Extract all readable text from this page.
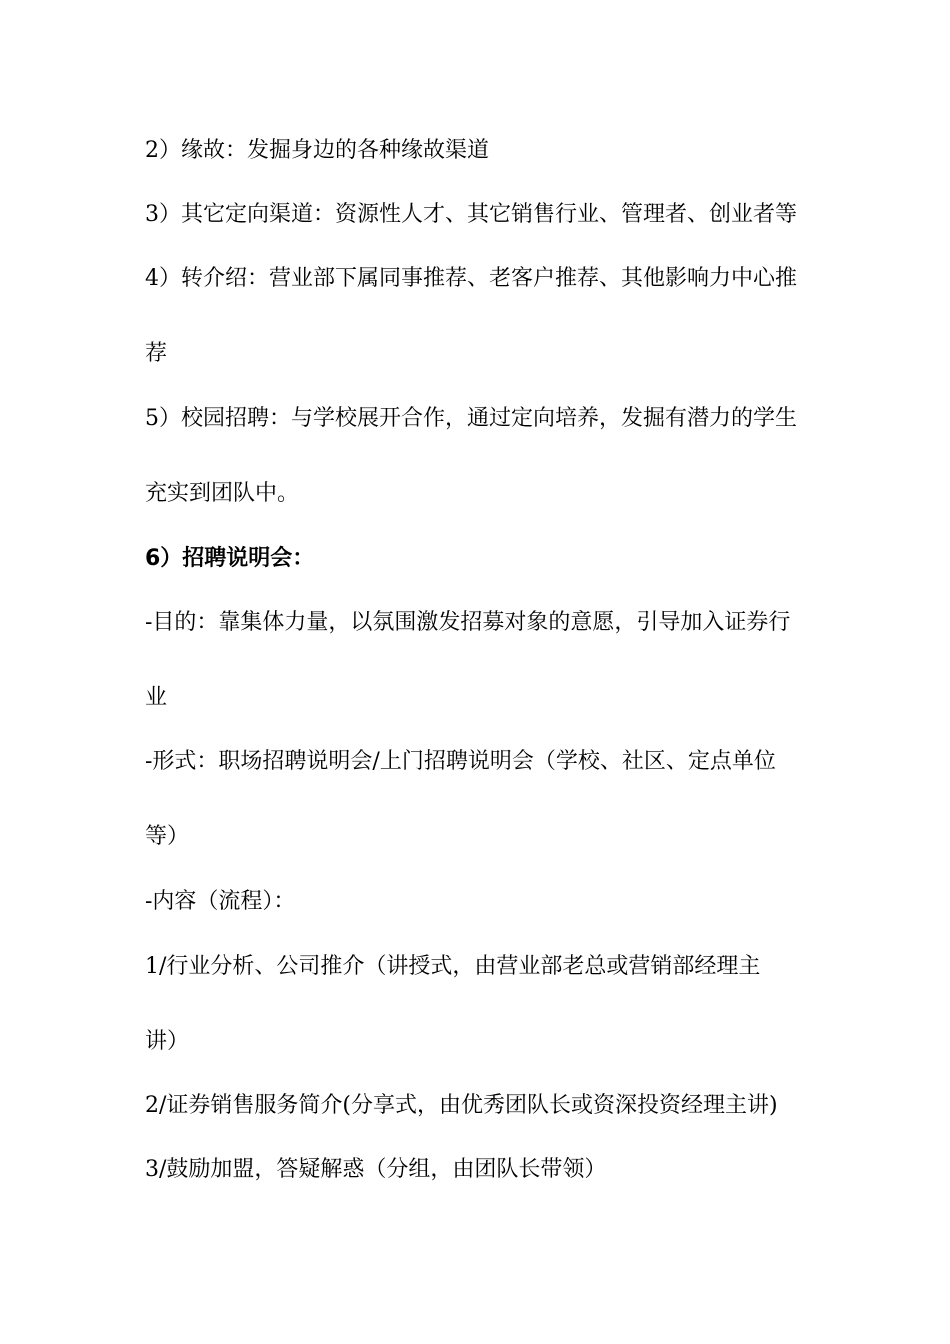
2）缘故：发掘身边的各种缘故渠道
3）其它定向渠道：资源性人才、其它销售行业、管理者、创业者等
4）转介绍：营业部下属同事推荐、老客户推荐、其他影响力中心推
荐
5）校园招聘：与学校展开合作，通过定向培养，发掘有潜力的学生
充实到团队中。
6）招聘说明会：
-目的：靠集体力量，以氛围激发招募对象的意愿，引导加入证券行
业
-形式：职场招聘说明会/上门招聘说明会（学校、社区、定点单位
等）
-内容（流程）：
1/行业分析、公司推介（讲授式，由营业部老总或营销部经理主
讲）
2/证券销售服务简介(分享式，由优秀团队长或资深投资经理主讲)
3/鼓励加盟，答疑解惑（分组，由团队长带领）
